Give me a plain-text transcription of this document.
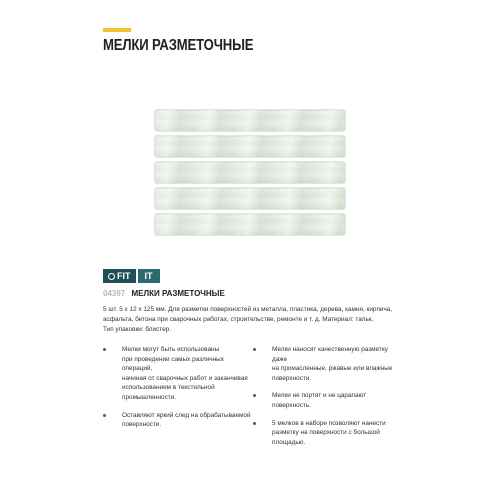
МЕЛКИ РАЗМЕТОЧНЫЕ
FIT	IT
04397 МЕЛКИ РАЗМЕТОЧНЫЕ
5 шт. 5 х 12 х 125 мм. Для разметки поверхностей из металла, пластика, дерева, камня, кирпича,
асфальта, бетона при сварочных работах, строительстве, ремонте и т. д. Материал: тальк.
Тип упаковки: блистер.
Мелки могут быть использованы
при проведении самых различных операций,
начиная от сварочных работ и заканчивая
использованием в текстильной
промышленности.
Оставляют яркий след на обрабатываемой
поверхности.
Мелки наносят качественную разметку даже
на промасленные, ржавые или влажные
поверхности.
Мелки не портят и не царапают
поверхность.
5 мелков в наборе позволяют нанести
разметку на поверхности с большой
площадью.
